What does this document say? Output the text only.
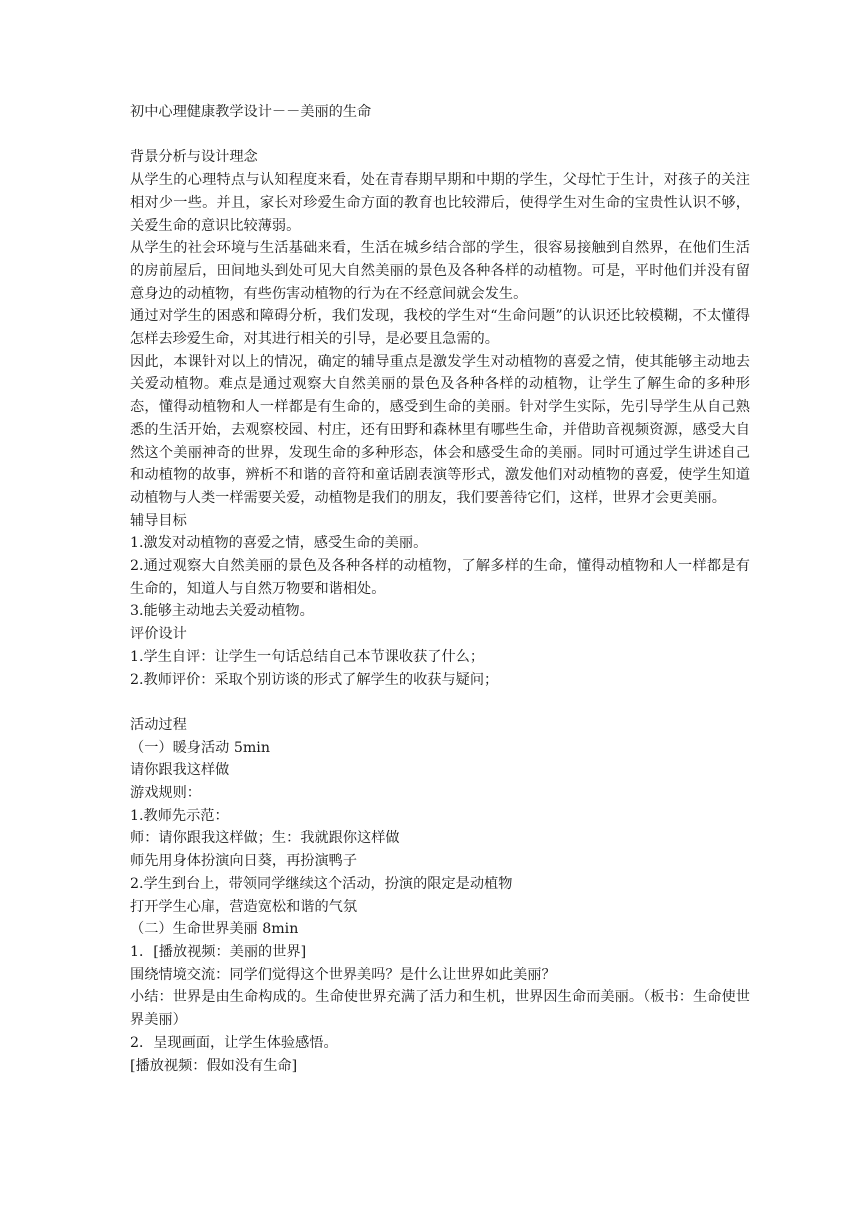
初中心理健康教学设计－－美丽的生命

背景分析与设计理念

从学生的心理特点与认知程度来看，处在青春期早期和中期的学生，父母忙于生计，对孩子的关注相对少一些。并且，家长对珍爱生命方面的教育也比较滞后，使得学生对生命的宝贵性认识不够，关爱生命的意识比较薄弱。

从学生的社会环境与生活基础来看，生活在城乡结合部的学生，很容易接触到自然界，在他们生活的房前屋后，田间地头到处可见大自然美丽的景色及各种各样的动植物。可是，平时他们并没有留意身边的动植物，有些伤害动植物的行为在不经意间就会发生。

通过对学生的困惑和障碍分析，我们发现，我校的学生对“生命问题”的认识还比较模糊，不太懂得怎样去珍爱生命，对其进行相关的引导，是必要且急需的。

因此，本课针对以上的情况，确定的辅导重点是激发学生对动植物的喜爱之情，使其能够主动地去关爱动植物。难点是通过观察大自然美丽的景色及各种各样的动植物，让学生了解生命的多种形态，懂得动植物和人一样都是有生命的，感受到生命的美丽。针对学生实际，先引导学生从自己熟悉的生活开始，去观察校园、村庄，还有田野和森林里有哪些生命，并借助音视频资源，感受大自然这个美丽神奇的世界，发现生命的多种形态，体会和感受生命的美丽。同时可通过学生讲述自己和动植物的故事，辨析不和谐的音符和童话剧表演等形式，激发他们对动植物的喜爱，使学生知道动植物与人类一样需要关爱，动植物是我们的朋友，我们要善待它们，这样，世界才会更美丽。

辅导目标

1.激发对动植物的喜爱之情，感受生命的美丽。

2.通过观察大自然美丽的景色及各种各样的动植物，了解多样的生命，懂得动植物和人一样都是有生命的，知道人与自然万物要和谐相处。

3.能够主动地去关爱动植物。

评价设计

1.学生自评：让学生一句话总结自己本节课收获了什么；

2.教师评价：采取个别访谈的形式了解学生的收获与疑问；

活动过程

（一）暖身活动 5min

请你跟我这样做

游戏规则：

1.教师先示范：

师：请你跟我这样做；生：我就跟你这样做

师先用身体扮演向日葵，再扮演鸭子

2.学生到台上，带领同学继续这个活动，扮演的限定是动植物

打开学生心扉，营造宽松和谐的气氛

（二）生命世界美丽 8min

1．[播放视频：美丽的世界]

围绕情境交流：同学们觉得这个世界美吗？是什么让世界如此美丽？

小结：世界是由生命构成的。生命使世界充满了活力和生机，世界因生命而美丽。（板书：生命使世界美丽）

2．呈现画面，让学生体验感悟。

[播放视频：假如没有生命]
